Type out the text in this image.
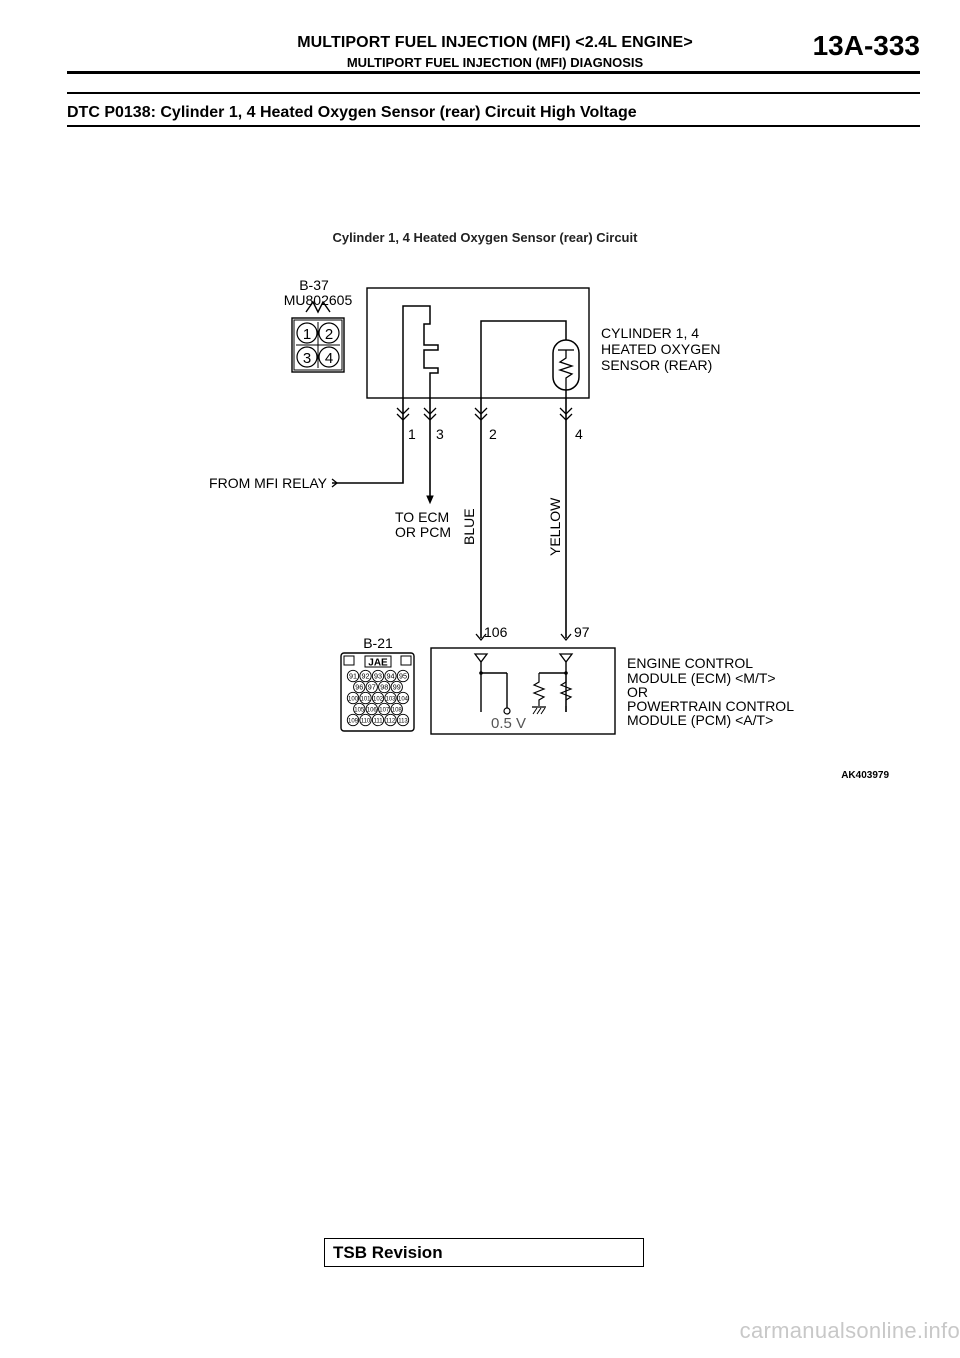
MULTIPORT FUEL INJECTION (MFI) <2.4L ENGINE>
MULTIPORT FUEL INJECTION (MFI) DIAGNOSIS
13A-333
DTC P0138: Cylinder 1, 4 Heated Oxygen Sensor (rear) Circuit High Voltage
Cylinder 1, 4 Heated Oxygen Sensor (rear) Circuit
B-37
MU802605
1 2
3 4
CYLINDER 1, 4
HEATED OXYGEN
SENSOR (REAR)
1 3	2	4
FROM MFI RELAY
TO ECM
OR PCM BLUE	YELLOW
106	97
0.5 V
ENGINE CONTROL
MODULE (ECM) <M/T>
OR
POWERTRAIN CONTROL
MODULE (PCM) <A/T>
B-21
JAE
91 92 93 94 95
96 97 98 99
100 101 102 103 104
105 106 107 108
109 110 111 112 113
AK403979
TSB Revision
carmanualsonline.info
